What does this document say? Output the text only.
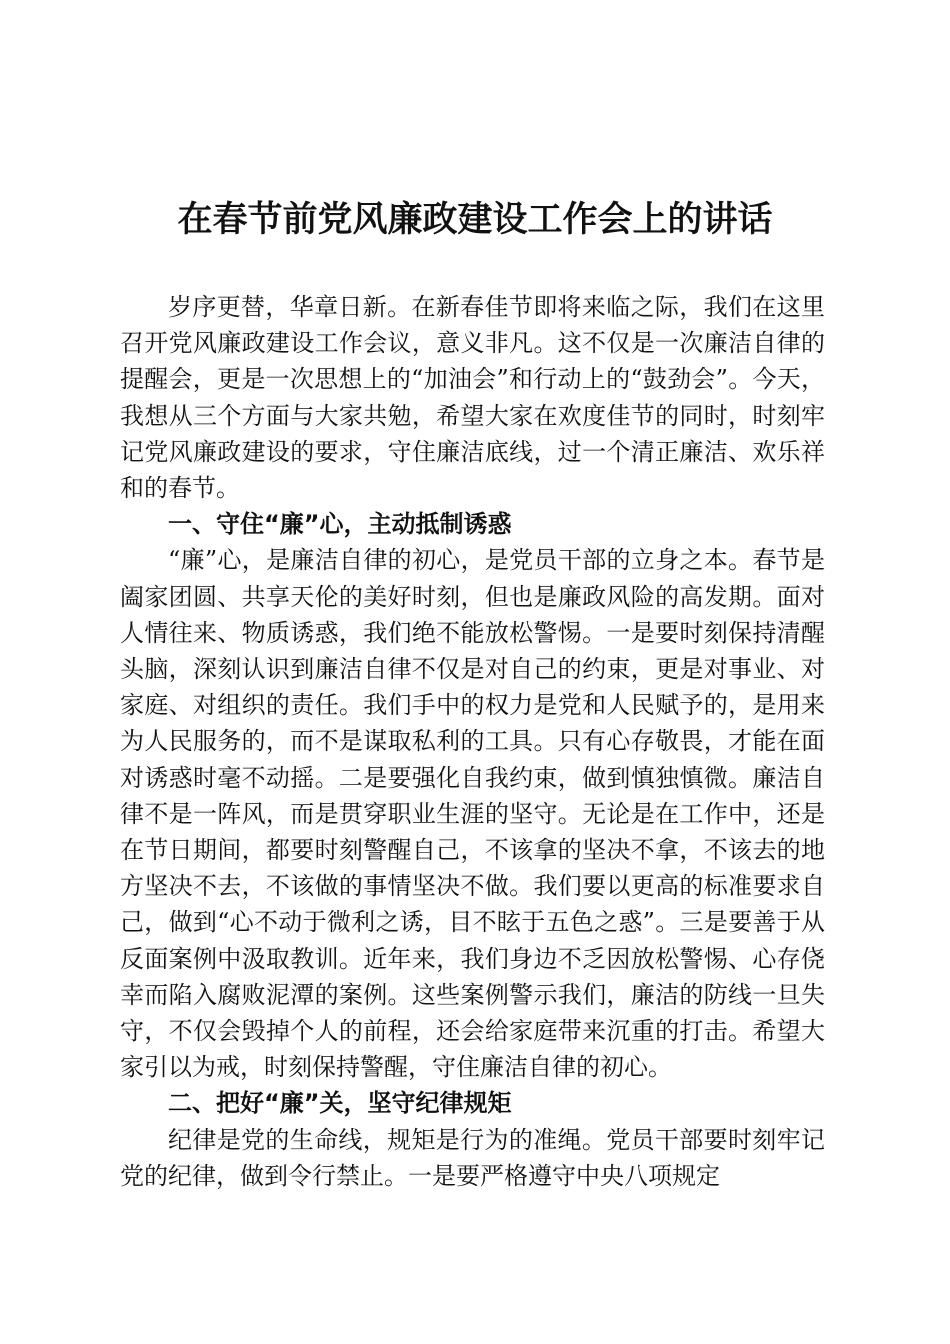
在春节前党风廉政建设工作会上的讲话

岁序更替，华章日新。在新春佳节即将来临之际，我们在这里召开党风廉政建设工作会议，意义非凡。这不仅是一次廉洁自律的提醒会，更是一次思想上的“加油会”和行动上的“鼓劲会”。今天，我想从三个方面与大家共勉，希望大家在欢度佳节的同时，时刻牢记党风廉政建设的要求，守住廉洁底线，过一个清正廉洁、欢乐祥和的春节。

一、守住“廉”心，主动抵制诱惑

“廉”心，是廉洁自律的初心，是党员干部的立身之本。春节是阖家团圆、共享天伦的美好时刻，但也是廉政风险的高发期。面对人情往来、物质诱惑，我们绝不能放松警惕。一是要时刻保持清醒头脑，深刻认识到廉洁自律不仅是对自己的约束，更是对事业、对家庭、对组织的责任。我们手中的权力是党和人民赋予的，是用来为人民服务的，而不是谋取私利的工具。只有心存敬畏，才能在面对诱惑时毫不动摇。二是要强化自我约束，做到慎独慎微。廉洁自律不是一阵风，而是贯穿职业生涯的坚守。无论是在工作中，还是在节日期间，都要时刻警醒自己，不该拿的坚决不拿，不该去的地方坚决不去，不该做的事情坚决不做。我们要以更高的标准要求自己，做到“心不动于微利之诱，目不眩于五色之惑”。三是要善于从反面案例中汲取教训。近年来，我们身边不乏因放松警惕、心存侥幸而陷入腐败泥潭的案例。这些案例警示我们，廉洁的防线一旦失守，不仅会毁掉个人的前程，还会给家庭带来沉重的打击。希望大家引以为戒，时刻保持警醒，守住廉洁自律的初心。

二、把好“廉”关，坚守纪律规矩

纪律是党的生命线，规矩是行为的准绳。党员干部要时刻牢记党的纪律，做到令行禁止。一是要严格遵守中央八项规定
